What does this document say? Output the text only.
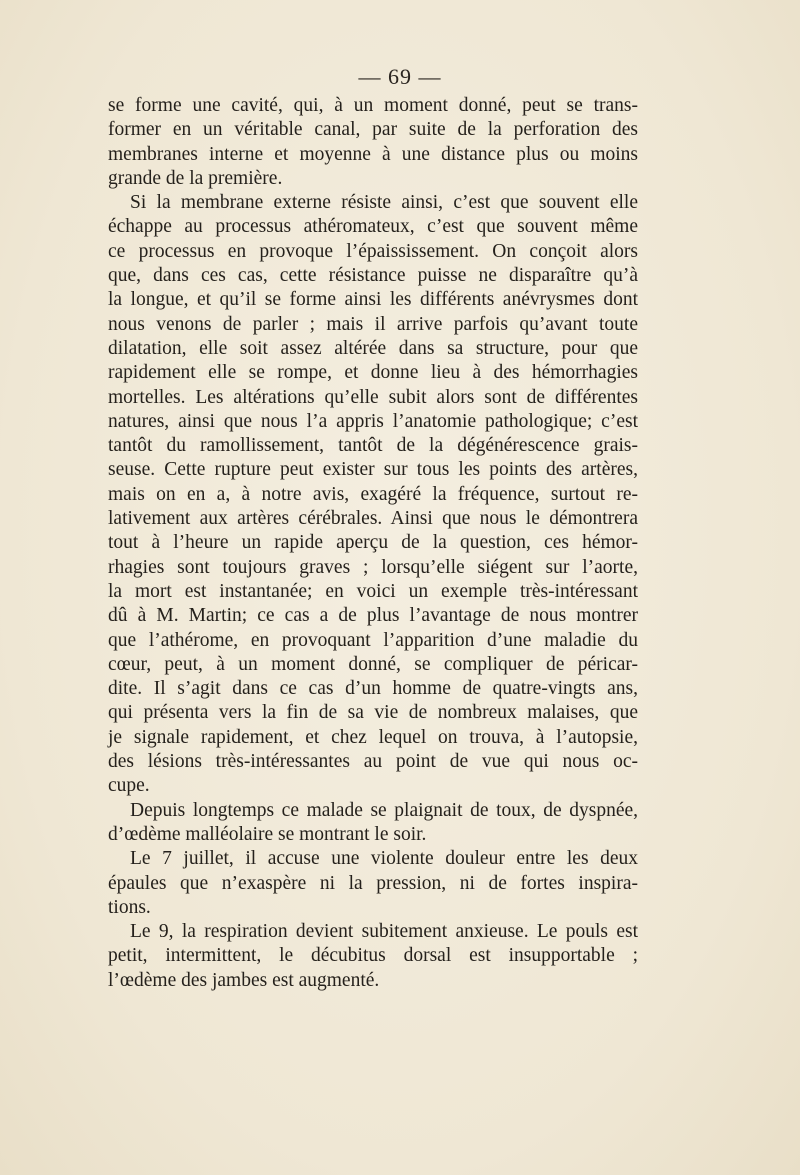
— 69 —
se forme une cavité, qui, à un moment donné, peut se trans-
former en un véritable canal, par suite de la perforation des
membranes interne et moyenne à une distance plus ou moins
grande de la première.
Si la membrane externe résiste ainsi, c’est que souvent elle
échappe au processus athéromateux, c’est que souvent même
ce processus en provoque l’épaississement. On conçoit alors
que, dans ces cas, cette résistance puisse ne disparaître qu’à
la longue, et qu’il se forme ainsi les différents anévrysmes dont
nous venons de parler ; mais il arrive parfois qu’avant toute
dilatation, elle soit assez altérée dans sa structure, pour que
rapidement elle se rompe, et donne lieu à des hémorrhagies
mortelles. Les altérations qu’elle subit alors sont de différentes
natures, ainsi que nous l’a appris l’anatomie pathologique; c’est
tantôt du ramollissement, tantôt de la dégénérescence grais-
seuse. Cette rupture peut exister sur tous les points des artères,
mais on en a, à notre avis, exagéré la fréquence, surtout re-
lativement aux artères cérébrales. Ainsi que nous le démontrera
tout à l’heure un rapide aperçu de la question, ces hémor-
rhagies sont toujours graves ; lorsqu’elle siégent sur l’aorte,
la mort est instantanée; en voici un exemple très-intéressant
dû à M. Martin; ce cas a de plus l’avantage de nous montrer
que l’athérome, en provoquant l’apparition d’une maladie du
cœur, peut, à un moment donné, se compliquer de péricar-
dite. Il s’agit dans ce cas d’un homme de quatre-vingts ans,
qui présenta vers la fin de sa vie de nombreux malaises, que
je signale rapidement, et chez lequel on trouva, à l’autopsie,
des lésions très-intéressantes au point de vue qui nous oc-
cupe.
Depuis longtemps ce malade se plaignait de toux, de dyspnée,
d’œdème malléolaire se montrant le soir.
Le 7 juillet, il accuse une violente douleur entre les deux
épaules que n’exaspère ni la pression, ni de fortes inspira-
tions.
Le 9, la respiration devient subitement anxieuse. Le pouls est
petit, intermittent, le décubitus dorsal est insupportable ;
l’œdème des jambes est augmenté.
